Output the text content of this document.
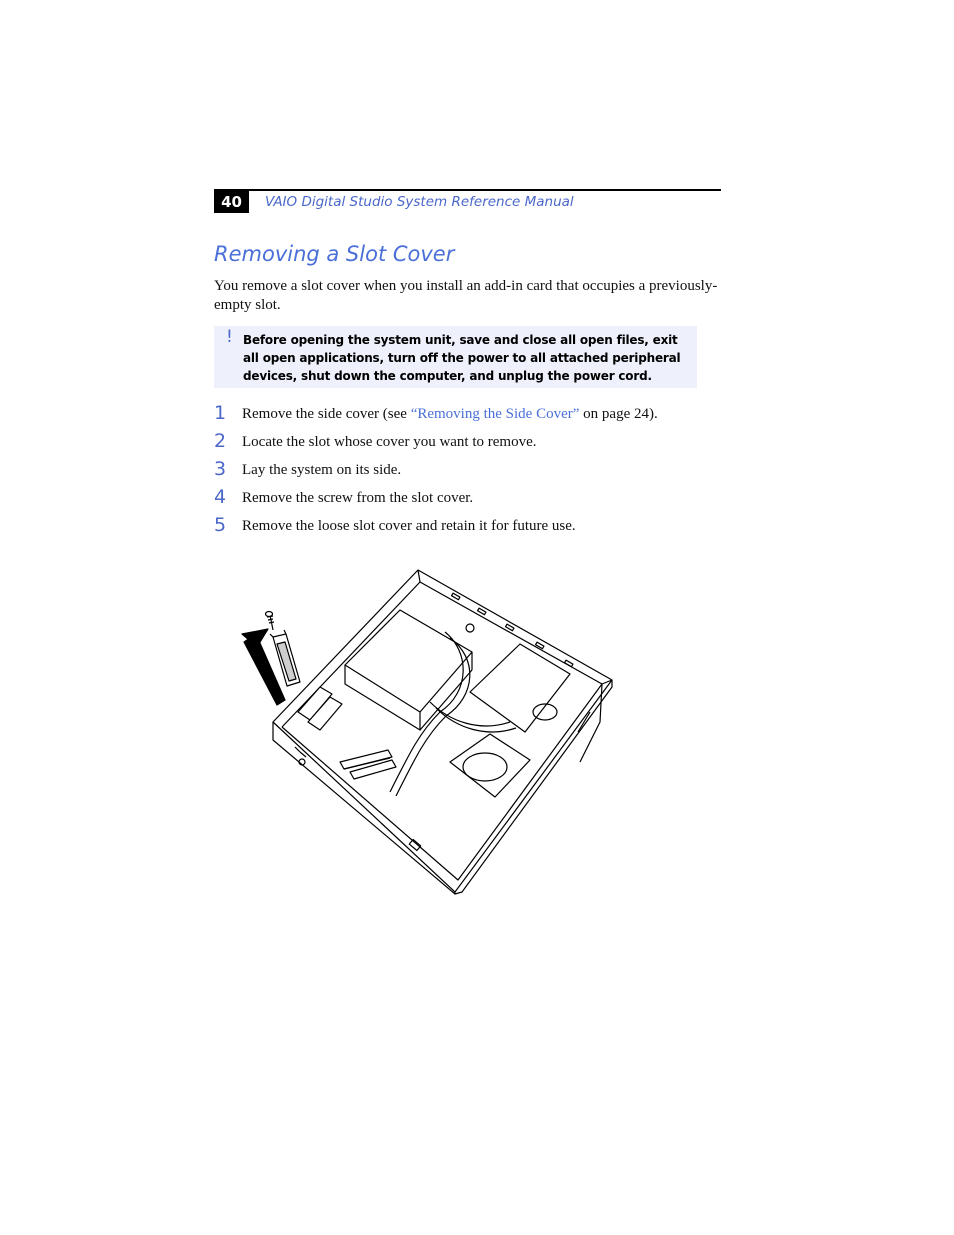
40	VAIO Digital Studio System Reference Manual
Removing a Slot Cover

You remove a slot cover when you install an add-in card that occupies a previously-empty slot.

! Before opening the system unit, save and close all open files, exit all open applications, turn off the power to all attached peripheral devices, shut down the computer, and unplug the power cord.

1 Remove the side cover (see “Removing the Side Cover” on page 24).
2 Locate the slot whose cover you want to remove.
3 Lay the system on its side.
4 Remove the screw from the slot cover.
5 Remove the loose slot cover and retain it for future use.
